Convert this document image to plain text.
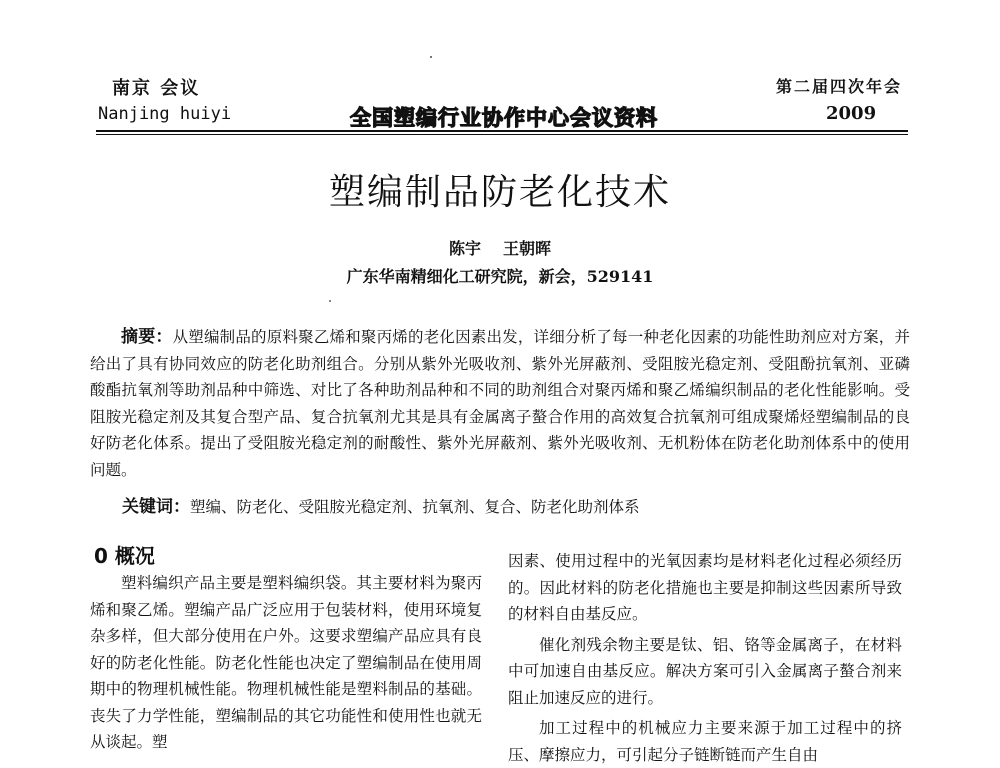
南京 会议
Nanjing huiyi	全国塑编行业协作中心会议资料
第二届四次年会
2009
塑编制品防老化技术
陈宇 王朝晖
广东华南精细化工研究院，新会，529141
摘要：从塑编制品的原料聚乙烯和聚丙烯的老化因素出发，详细分析了每一种老化因素的功能性助剂应对方案，并给出了具有协同效应的防老化助剂组合。分别从紫外光吸收剂、紫外光屏蔽剂、受阻胺光稳定剂、受阻酚抗氧剂、亚磷酸酯抗氧剂等助剂品种中筛选、对比了各种助剂品种和不同的助剂组合对聚丙烯和聚乙烯编织制品的老化性能影响。受阻胺光稳定剂及其复合型产品、复合抗氧剂尤其是具有金属离子螯合作用的高效复合抗氧剂可组成聚烯烃塑编制品的良好防老化体系。提出了受阻胺光稳定剂的耐酸性、紫外光屏蔽剂、紫外光吸收剂、无机粉体在防老化助剂体系中的使用问题。
关键词：塑编、防老化、受阻胺光稳定剂、抗氧剂、复合、防老化助剂体系
0 概况
塑料编织产品主要是塑料编织袋。其主要材料为聚丙烯和聚乙烯。塑编产品广泛应用于包装材料，使用环境复杂多样，但大部分使用在户外。这要求塑编产品应具有良好的防老化性能。防老化性能也决定了塑编制品在使用周期中的物理机械性能。物理机械性能是塑料制品的基础。丧失了力学性能，塑编制品的其它功能性和使用性也就无从谈起。塑

因素、使用过程中的光氧因素均是材料老化过程必须经历的。因此材料的防老化措施也主要是抑制这些因素所导致的材料自由基反应。

催化剂残余物主要是钛、铝、铬等金属离子，在材料中可加速自由基反应。解决方案可引入金属离子螯合剂来阻止加速反应的进行。

加工过程中的机械应力主要来源于加工过程中的挤压、摩擦应力，可引起分子链断链而产生自由
